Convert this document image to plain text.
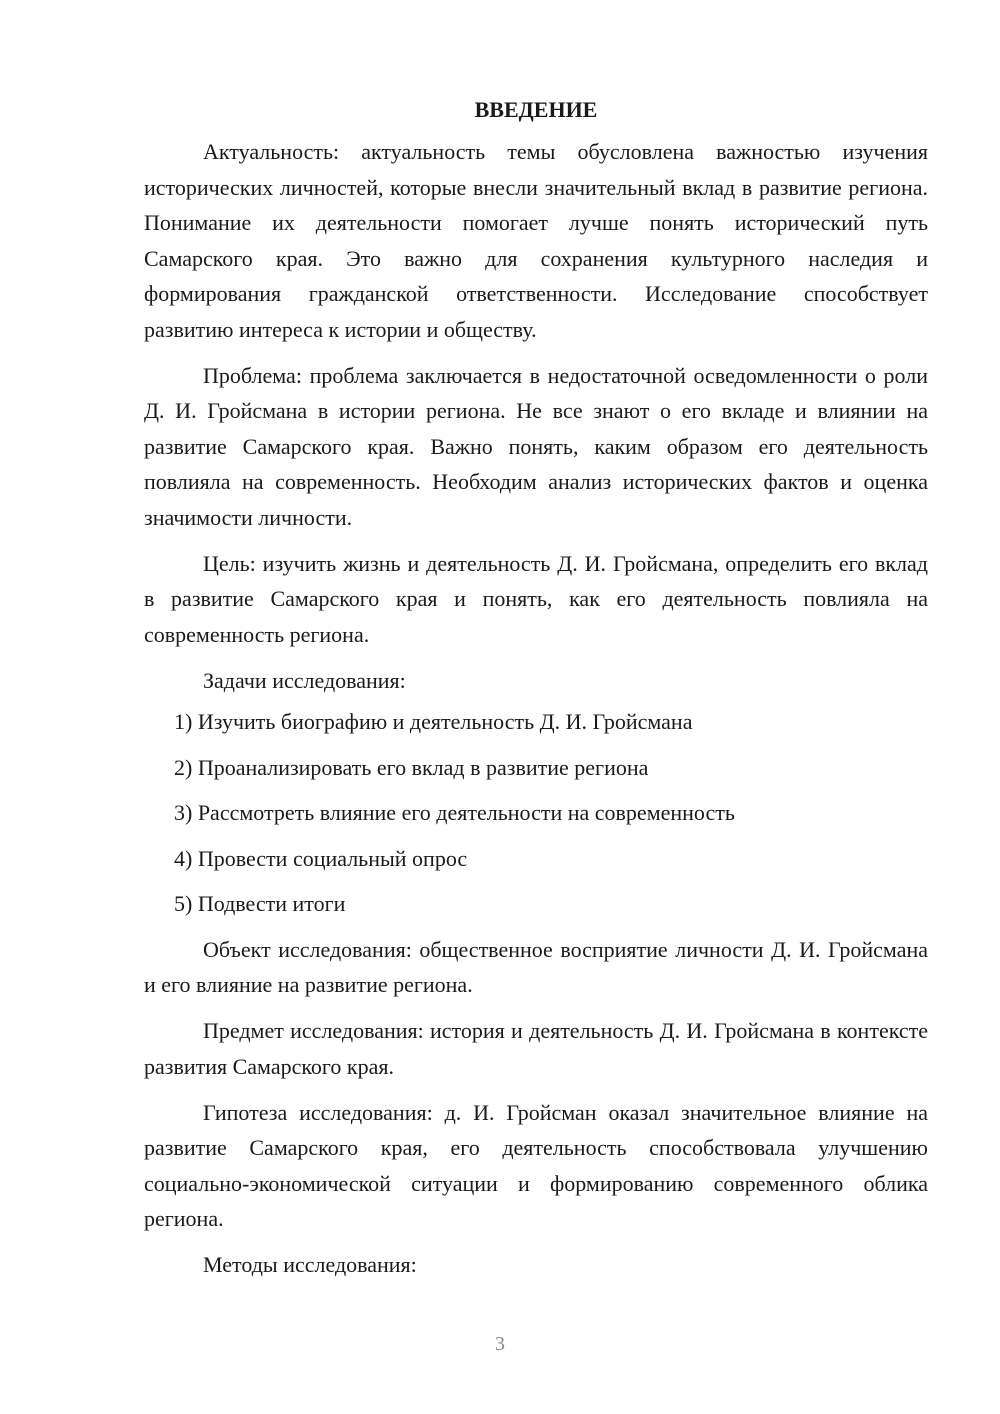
ВВЕДЕНИЕ

Актуальность: актуальность темы обусловлена важностью изучения исторических личностей, которые внесли значительный вклад в развитие региона. Понимание их деятельности помогает лучше понять исторический путь Самарского края. Это важно для сохранения культурного наследия и формирования гражданской ответственности. Исследование способствует развитию интереса к истории и обществу.

Проблема: проблема заключается в недостаточной осведомленности о роли Д. И. Гройсмана в истории региона. Не все знают о его вкладе и влиянии на развитие Самарского края. Важно понять, каким образом его деятельность повлияла на современность. Необходим анализ исторических фактов и оценка значимости личности.

Цель: изучить жизнь и деятельность Д. И. Гройсмана, определить его вклад в развитие Самарского края и понять, как его деятельность повлияла на современность региона.

Задачи исследования:

1) Изучить биографию и деятельность Д. И. Гройсмана
2) Проанализировать его вклад в развитие региона
3) Рассмотреть влияние его деятельности на современность
4) Провести социальный опрос
5) Подвести итоги

Объект исследования: общественное восприятие личности Д. И. Гройсмана и его влияние на развитие региона.

Предмет исследования: история и деятельность Д. И. Гройсмана в контексте развития Самарского края.

Гипотеза исследования: д. И. Гройсман оказал значительное влияние на развитие Самарского края, его деятельность способствовала улучшению социально-экономической ситуации и формированию современного облика региона.

Методы исследования:

3
